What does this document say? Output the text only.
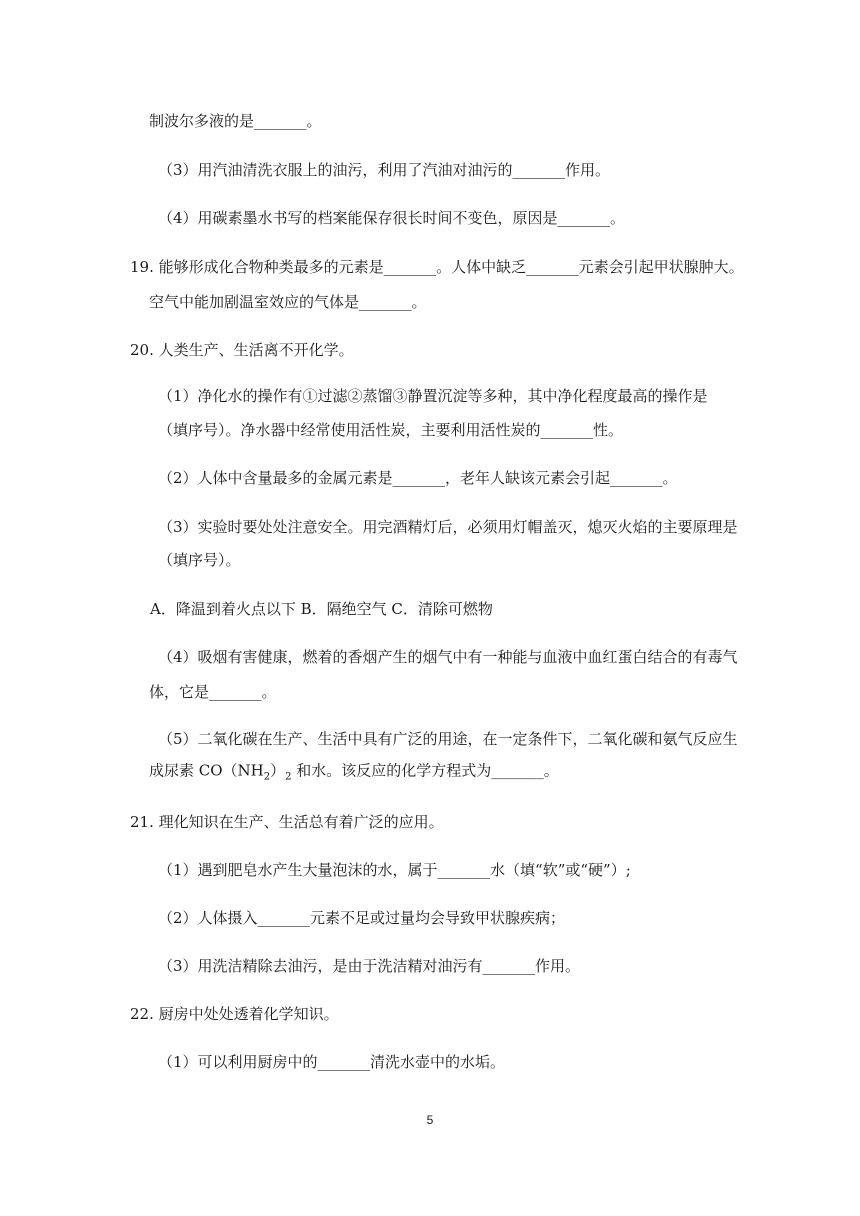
制波尔多液的是_______。
（3）用汽油清洗衣服上的油污，利用了汽油对油污的_______作用。
（4）用碳素墨水书写的档案能保存很长时间不变色，原因是_______。
19. 能够形成化合物种类最多的元素是_______。人体中缺乏_______元素会引起甲状腺肿大。
空气中能加剧温室效应的气体是_______。
20. 人类生产、生活离不开化学。
（1）净化水的操作有①过滤②蒸馏③静置沉淀等多种，其中净化程度最高的操作是
（填序号）。净水器中经常使用活性炭，主要利用活性炭的_______性。
（2）人体中含量最多的金属元素是_______，老年人缺该元素会引起_______。
（3）实验时要处处注意安全。用完酒精灯后，必须用灯帽盖灭，熄灭火焰的主要原理是
（填序号）。
A．降温到着火点以下 B．隔绝空气 C．清除可燃物
（4）吸烟有害健康，燃着的香烟产生的烟气中有一种能与血液中血红蛋白结合的有毒气
体，它是_______。
（5）二氧化碳在生产、生活中具有广泛的用途，在一定条件下，二氧化碳和氨气反应生
成尿素 $CO(NH_2)_2$ 和水。该反应的化学方程式为_______。
21. 理化知识在生产、生活总有着广泛的应用。
（1）遇到肥皂水产生大量泡沫的水，属于_______水（填“软”或“硬”）;
（2）人体摄入_______元素不足或过量均会导致甲状腺疾病；
（3）用洗洁精除去油污，是由于洗洁精对油污有_______作用。
22. 厨房中处处透着化学知识。
（1）可以利用厨房中的_______清洗水壶中的水垢。
5
